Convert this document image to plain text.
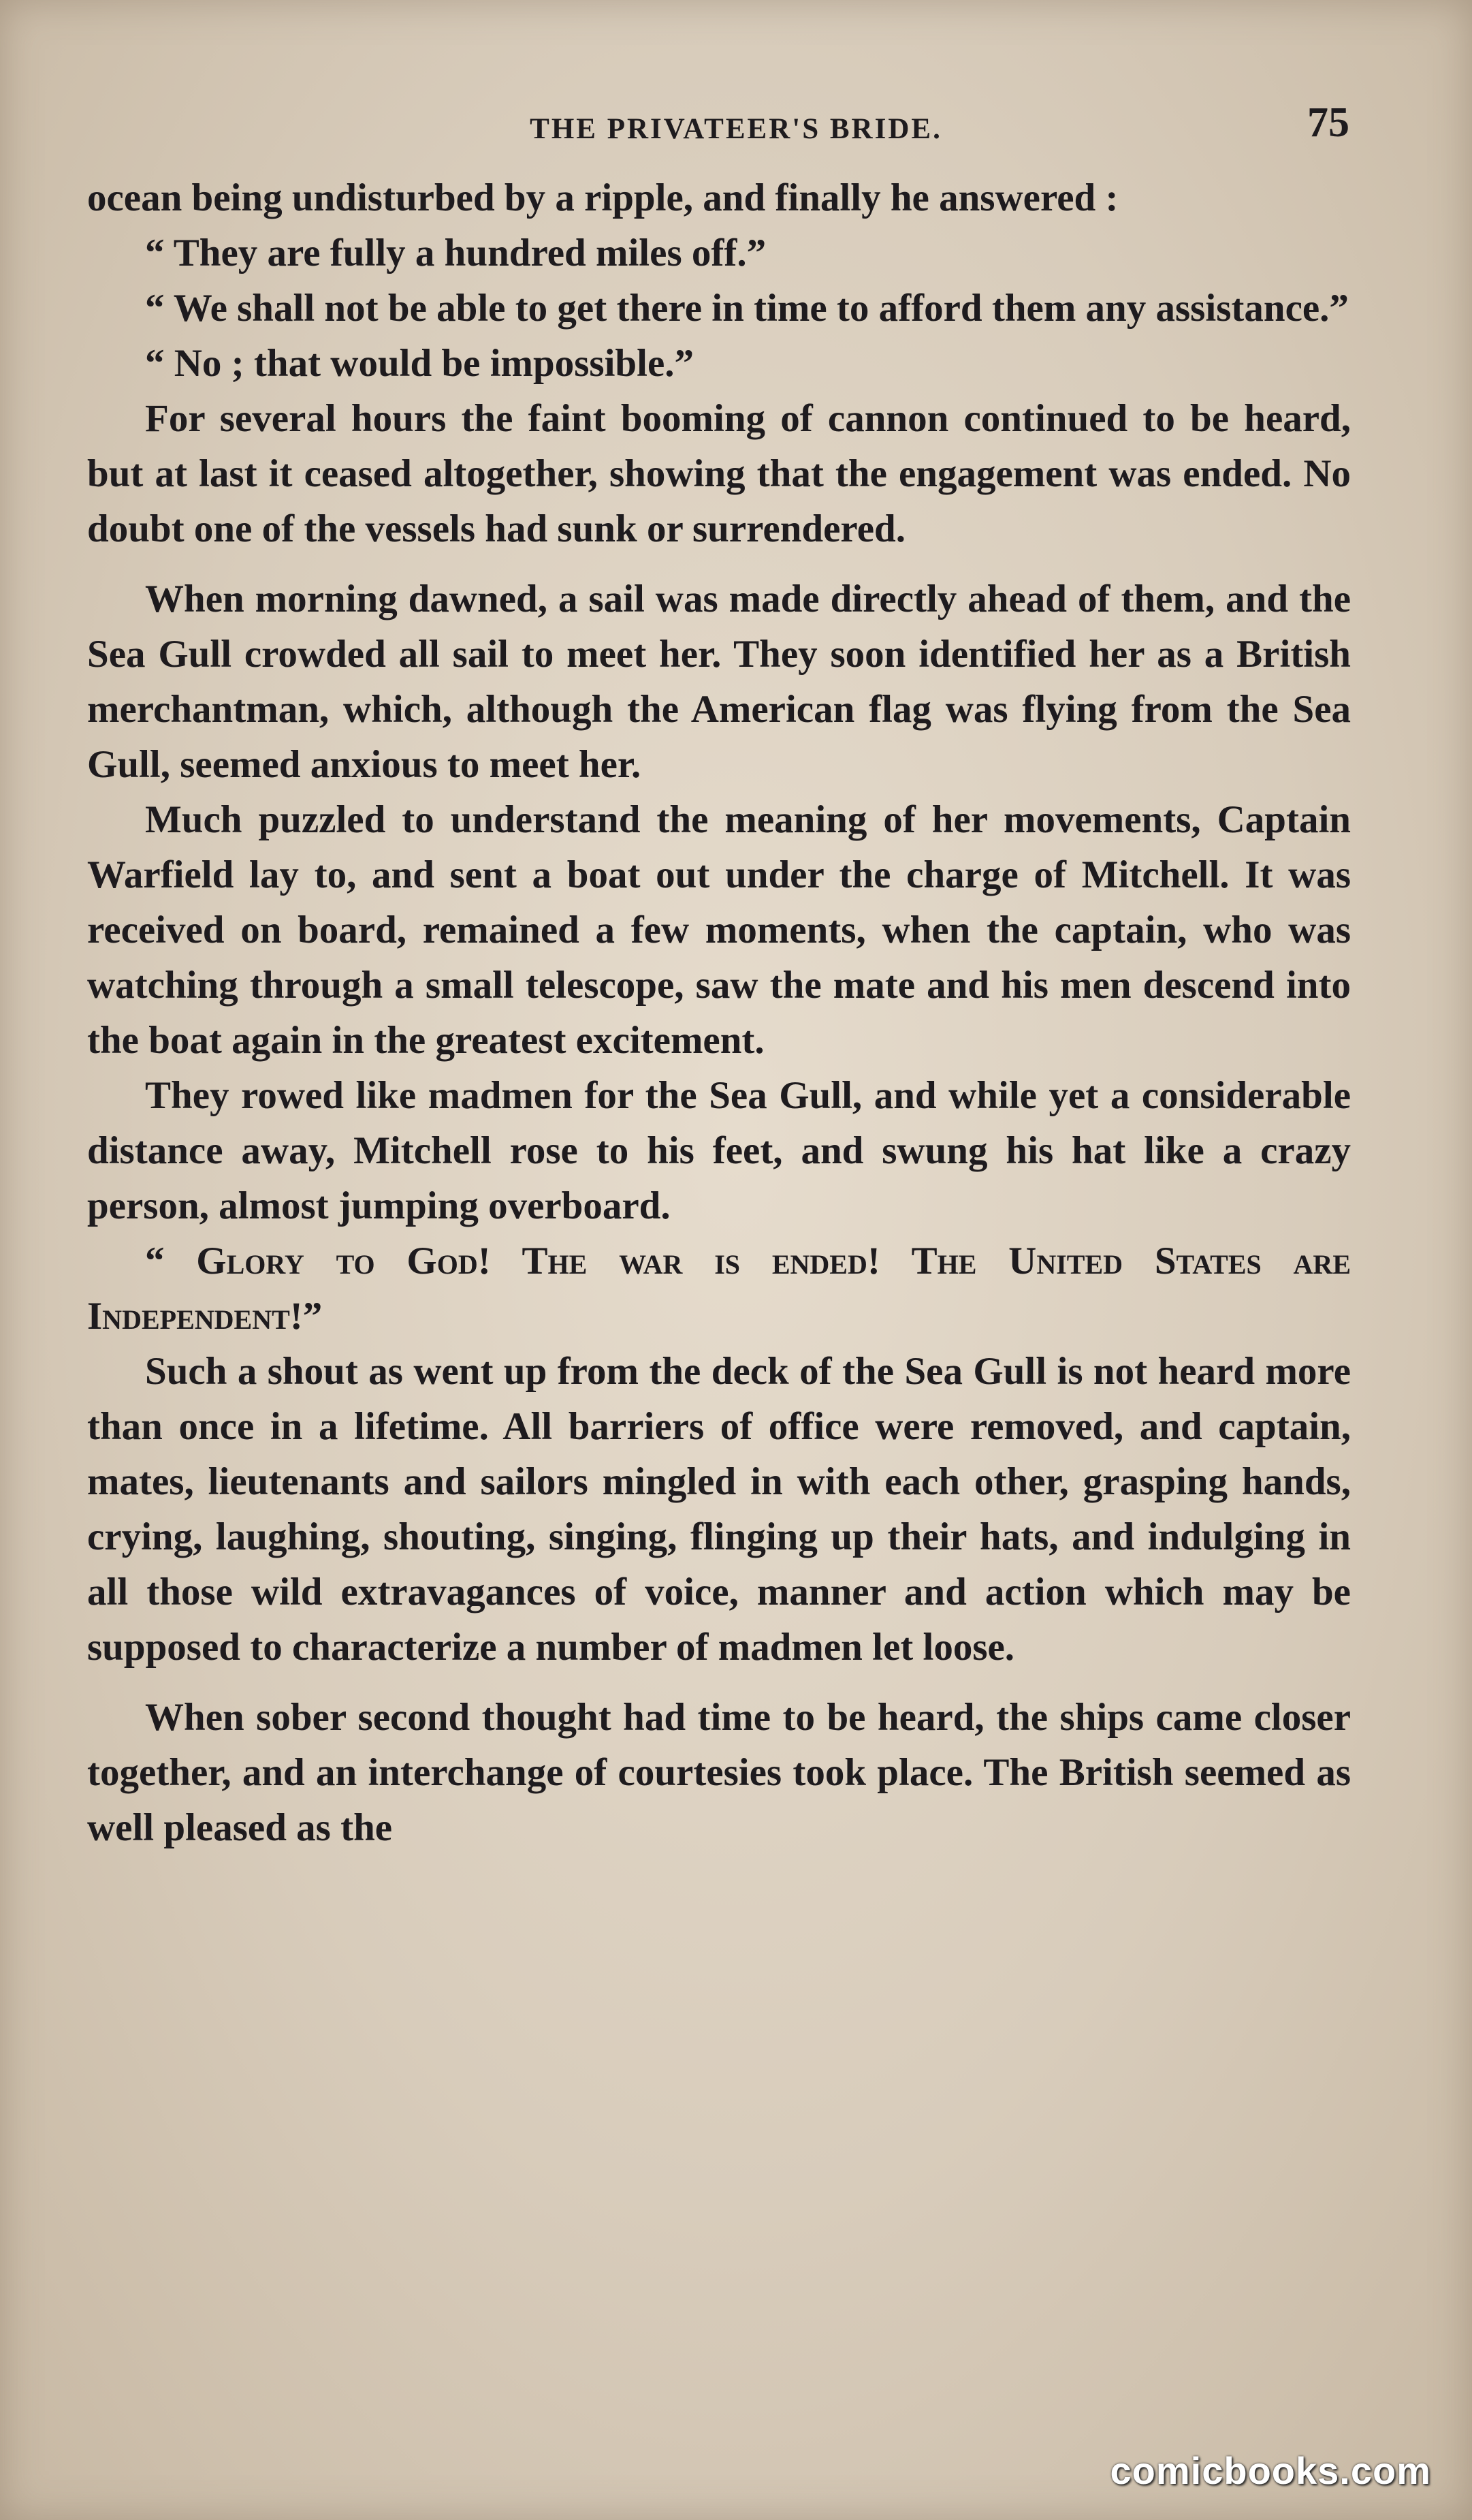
THE PRIVATEER'S BRIDE.	75

ocean being undisturbed by a ripple, and finally he answered :

“ They are fully a hundred miles off.”

“ We shall not be able to get there in time to afford them any assistance.”

“ No ; that would be impossible.”

For several hours the faint booming of cannon continued to be heard, but at last it ceased altogether, showing that the engagement was ended. No doubt one of the vessels had sunk or surrendered.

When morning dawned, a sail was made directly ahead of them, and the Sea Gull crowded all sail to meet her. They soon identified her as a British merchantman, which, although the American flag was flying from the Sea Gull, seemed anxious to meet her.

Much puzzled to understand the meaning of her movements, Captain Warfield lay to, and sent a boat out under the charge of Mitchell. It was received on board, remained a few moments, when the captain, who was watching through a small telescope, saw the mate and his men descend into the boat again in the greatest excitement.

They rowed like madmen for the Sea Gull, and while yet a considerable distance away, Mitchell rose to his feet, and swung his hat like a crazy person, almost jumping overboard.

“ Glory to God! The war is ended! The United States are Independent!”

Such a shout as went up from the deck of the Sea Gull is not heard more than once in a lifetime. All barriers of office were removed, and captain, mates, lieutenants and sailors mingled in with each other, grasping hands, crying, laughing, shouting, singing, flinging up their hats, and indulging in all those wild extravagances of voice, manner and action which may be supposed to characterize a number of madmen let loose.

When sober second thought had time to be heard, the ships came closer together, and an interchange of courtesies took place. The British seemed as well pleased as the

comicbooks.com
